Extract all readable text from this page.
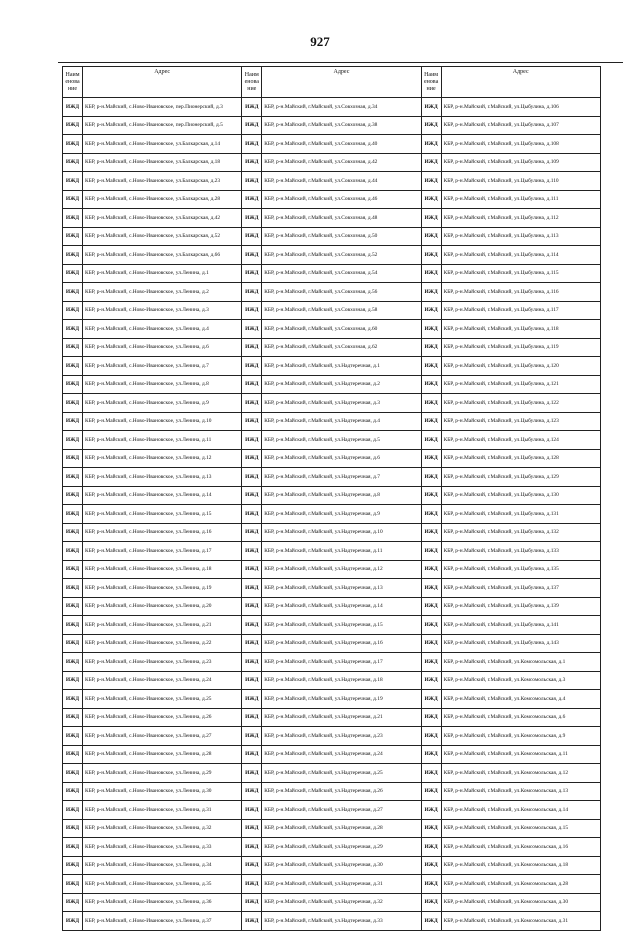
927
Наим енова ние	Адрес	Наим енова ние	Адрес	Наим енова ние	Адрес
ИЖД	КБР, р-н.Майский, с.Ново-Ивановское, пер.Пионерский, д.3	ИЖД	КБР, р-н.Майский, г.Майский, ул.Совхозная, д.34	ИЖД	КБР, р-н.Майский, г.Майский, ул.Цыбулина, д.106
ИЖД	КБР, р-н.Майский, с.Ново-Ивановское, пер.Пионерский, д.5	ИЖД	КБР, р-н.Майский, г.Майский, ул.Совхозная, д.38	ИЖД	КБР, р-н.Майский, г.Майский, ул.Цыбулина, д.107
ИЖД	КБР, р-н.Майский, с.Ново-Ивановское, ул.Балкарская, д.14	ИЖД	КБР, р-н.Майский, г.Майский, ул.Совхозная, д.40	ИЖД	КБР, р-н.Майский, г.Майский, ул.Цыбулина, д.108
ИЖД	КБР, р-н.Майский, с.Ново-Ивановское, ул.Балкарская, д.18	ИЖД	КБР, р-н.Майский, г.Майский, ул.Совхозная, д.42	ИЖД	КБР, р-н.Майский, г.Майский, ул.Цыбулина, д.109
ИЖД	КБР, р-н.Майский, с.Ново-Ивановское, ул.Балкарская, д.23	ИЖД	КБР, р-н.Майский, г.Майский, ул.Совхозная, д.44	ИЖД	КБР, р-н.Майский, г.Майский, ул.Цыбулина, д.110
ИЖД	КБР, р-н.Майский, с.Ново-Ивановское, ул.Балкарская, д.28	ИЖД	КБР, р-н.Майский, г.Майский, ул.Совхозная, д.46	ИЖД	КБР, р-н.Майский, г.Майский, ул.Цыбулина, д.111
ИЖД	КБР, р-н.Майский, с.Ново-Ивановское, ул.Балкарская, д.42	ИЖД	КБР, р-н.Майский, г.Майский, ул.Совхозная, д.48	ИЖД	КБР, р-н.Майский, г.Майский, ул.Цыбулина, д.112
ИЖД	КБР, р-н.Майский, с.Ново-Ивановское, ул.Балкарская, д.52	ИЖД	КБР, р-н.Майский, г.Майский, ул.Совхозная, д.50	ИЖД	КБР, р-н.Майский, г.Майский, ул.Цыбулина, д.113
ИЖД	КБР, р-н.Майский, с.Ново-Ивановское, ул.Балкарская, д.66	ИЖД	КБР, р-н.Майский, г.Майский, ул.Совхозная, д.52	ИЖД	КБР, р-н.Майский, г.Майский, ул.Цыбулина, д.114
ИЖД	КБР, р-н.Майский, с.Ново-Ивановское, ул.Ленина, д.1	ИЖД	КБР, р-н.Майский, г.Майский, ул.Совхозная, д.54	ИЖД	КБР, р-н.Майский, г.Майский, ул.Цыбулина, д.115
ИЖД	КБР, р-н.Майский, с.Ново-Ивановское, ул.Ленина, д.2	ИЖД	КБР, р-н.Майский, г.Майский, ул.Совхозная, д.56	ИЖД	КБР, р-н.Майский, г.Майский, ул.Цыбулина, д.116
ИЖД	КБР, р-н.Майский, с.Ново-Ивановское, ул.Ленина, д.3	ИЖД	КБР, р-н.Майский, г.Майский, ул.Совхозная, д.58	ИЖД	КБР, р-н.Майский, г.Майский, ул.Цыбулина, д.117
ИЖД	КБР, р-н.Майский, с.Ново-Ивановское, ул.Ленина, д.4	ИЖД	КБР, р-н.Майский, г.Майский, ул.Совхозная, д.60	ИЖД	КБР, р-н.Майский, г.Майский, ул.Цыбулина, д.118
ИЖД	КБР, р-н.Майский, с.Ново-Ивановское, ул.Ленина, д.6	ИЖД	КБР, р-н.Майский, г.Майский, ул.Совхозная, д.62	ИЖД	КБР, р-н.Майский, г.Майский, ул.Цыбулина, д.119
ИЖД	КБР, р-н.Майский, с.Ново-Ивановское, ул.Ленина, д.7	ИЖД	КБР, р-н.Майский, г.Майский, ул.Надтеречная, д.1	ИЖД	КБР, р-н.Майский, г.Майский, ул.Цыбулина, д.120
ИЖД	КБР, р-н.Майский, с.Ново-Ивановское, ул.Ленина, д.8	ИЖД	КБР, р-н.Майский, г.Майский, ул.Надтеречная, д.2	ИЖД	КБР, р-н.Майский, г.Майский, ул.Цыбулина, д.121
ИЖД	КБР, р-н.Майский, с.Ново-Ивановское, ул.Ленина, д.9	ИЖД	КБР, р-н.Майский, г.Майский, ул.Надтеречная, д.3	ИЖД	КБР, р-н.Майский, г.Майский, ул.Цыбулина, д.122
ИЖД	КБР, р-н.Майский, с.Ново-Ивановское, ул.Ленина, д.10	ИЖД	КБР, р-н.Майский, г.Майский, ул.Надтеречная, д.4	ИЖД	КБР, р-н.Майский, г.Майский, ул.Цыбулина, д.123
ИЖД	КБР, р-н.Майский, с.Ново-Ивановское, ул.Ленина, д.11	ИЖД	КБР, р-н.Майский, г.Майский, ул.Надтеречная, д.5	ИЖД	КБР, р-н.Майский, г.Майский, ул.Цыбулина, д.124
ИЖД	КБР, р-н.Майский, с.Ново-Ивановское, ул.Ленина, д.12	ИЖД	КБР, р-н.Майский, г.Майский, ул.Надтеречная, д.6	ИЖД	КБР, р-н.Майский, г.Майский, ул.Цыбулина, д.128
ИЖД	КБР, р-н.Майский, с.Ново-Ивановское, ул.Ленина, д.13	ИЖД	КБР, р-н.Майский, г.Майский, ул.Надтеречная, д.7	ИЖД	КБР, р-н.Майский, г.Майский, ул.Цыбулина, д.129
ИЖД	КБР, р-н.Майский, с.Ново-Ивановское, ул.Ленина, д.14	ИЖД	КБР, р-н.Майский, г.Майский, ул.Надтеречная, д.8	ИЖД	КБР, р-н.Майский, г.Майский, ул.Цыбулина, д.130
ИЖД	КБР, р-н.Майский, с.Ново-Ивановское, ул.Ленина, д.15	ИЖД	КБР, р-н.Майский, г.Майский, ул.Надтеречная, д.9	ИЖД	КБР, р-н.Майский, г.Майский, ул.Цыбулина, д.131
ИЖД	КБР, р-н.Майский, с.Ново-Ивановское, ул.Ленина, д.16	ИЖД	КБР, р-н.Майский, г.Майский, ул.Надтеречная, д.10	ИЖД	КБР, р-н.Майский, г.Майский, ул.Цыбулина, д.132
ИЖД	КБР, р-н.Майский, с.Ново-Ивановское, ул.Ленина, д.17	ИЖД	КБР, р-н.Майский, г.Майский, ул.Надтеречная, д.11	ИЖД	КБР, р-н.Майский, г.Майский, ул.Цыбулина, д.133
ИЖД	КБР, р-н.Майский, с.Ново-Ивановское, ул.Ленина, д.18	ИЖД	КБР, р-н.Майский, г.Майский, ул.Надтеречная, д.12	ИЖД	КБР, р-н.Майский, г.Майский, ул.Цыбулина, д.135
ИЖД	КБР, р-н.Майский, с.Ново-Ивановское, ул.Ленина, д.19	ИЖД	КБР, р-н.Майский, г.Майский, ул.Надтеречная, д.13	ИЖД	КБР, р-н.Майский, г.Майский, ул.Цыбулина, д.137
ИЖД	КБР, р-н.Майский, с.Ново-Ивановское, ул.Ленина, д.20	ИЖД	КБР, р-н.Майский, г.Майский, ул.Надтеречная, д.14	ИЖД	КБР, р-н.Майский, г.Майский, ул.Цыбулина, д.139
ИЖД	КБР, р-н.Майский, с.Ново-Ивановское, ул.Ленина, д.21	ИЖД	КБР, р-н.Майский, г.Майский, ул.Надтеречная, д.15	ИЖД	КБР, р-н.Майский, г.Майский, ул.Цыбулина, д.141
ИЖД	КБР, р-н.Майский, с.Ново-Ивановское, ул.Ленина, д.22	ИЖД	КБР, р-н.Майский, г.Майский, ул.Надтеречная, д.16	ИЖД	КБР, р-н.Майский, г.Майский, ул.Цыбулина, д.143
ИЖД	КБР, р-н.Майский, с.Ново-Ивановское, ул.Ленина, д.23	ИЖД	КБР, р-н.Майский, г.Майский, ул.Надтеречная, д.17	ИЖД	КБР, р-н.Майский, г.Майский, ул.Комсомольская, д.1
ИЖД	КБР, р-н.Майский, с.Ново-Ивановское, ул.Ленина, д.24	ИЖД	КБР, р-н.Майский, г.Майский, ул.Надтеречная, д.18	ИЖД	КБР, р-н.Майский, г.Майский, ул.Комсомольская, д.3
ИЖД	КБР, р-н.Майский, с.Ново-Ивановское, ул.Ленина, д.25	ИЖД	КБР, р-н.Майский, г.Майский, ул.Надтеречная, д.19	ИЖД	КБР, р-н.Майский, г.Майский, ул.Комсомольская, д.4
ИЖД	КБР, р-н.Майский, с.Ново-Ивановское, ул.Ленина, д.26	ИЖД	КБР, р-н.Майский, г.Майский, ул.Надтеречная, д.21	ИЖД	КБР, р-н.Майский, г.Майский, ул.Комсомольская, д.6
ИЖД	КБР, р-н.Майский, с.Ново-Ивановское, ул.Ленина, д.27	ИЖД	КБР, р-н.Майский, г.Майский, ул.Надтеречная, д.23	ИЖД	КБР, р-н.Майский, г.Майский, ул.Комсомольская, д.9
ИЖД	КБР, р-н.Майский, с.Ново-Ивановское, ул.Ленина, д.28	ИЖД	КБР, р-н.Майский, г.Майский, ул.Надтеречная, д.24	ИЖД	КБР, р-н.Майский, г.Майский, ул.Комсомольская, д.11
ИЖД	КБР, р-н.Майский, с.Ново-Ивановское, ул.Ленина, д.29	ИЖД	КБР, р-н.Майский, г.Майский, ул.Надтеречная, д.25	ИЖД	КБР, р-н.Майский, г.Майский, ул.Комсомольская, д.12
ИЖД	КБР, р-н.Майский, с.Ново-Ивановское, ул.Ленина, д.30	ИЖД	КБР, р-н.Майский, г.Майский, ул.Надтеречная, д.26	ИЖД	КБР, р-н.Майский, г.Майский, ул.Комсомольская, д.13
ИЖД	КБР, р-н.Майский, с.Ново-Ивановское, ул.Ленина, д.31	ИЖД	КБР, р-н.Майский, г.Майский, ул.Надтеречная, д.27	ИЖД	КБР, р-н.Майский, г.Майский, ул.Комсомольская, д.14
ИЖД	КБР, р-н.Майский, с.Ново-Ивановское, ул.Ленина, д.32	ИЖД	КБР, р-н.Майский, г.Майский, ул.Надтеречная, д.28	ИЖД	КБР, р-н.Майский, г.Майский, ул.Комсомольская, д.15
ИЖД	КБР, р-н.Майский, с.Ново-Ивановское, ул.Ленина, д.33	ИЖД	КБР, р-н.Майский, г.Майский, ул.Надтеречная, д.29	ИЖД	КБР, р-н.Майский, г.Майский, ул.Комсомольская, д.16
ИЖД	КБР, р-н.Майский, с.Ново-Ивановское, ул.Ленина, д.34	ИЖД	КБР, р-н.Майский, г.Майский, ул.Надтеречная, д.30	ИЖД	КБР, р-н.Майский, г.Майский, ул.Комсомольская, д.18
ИЖД	КБР, р-н.Майский, с.Ново-Ивановское, ул.Ленина, д.35	ИЖД	КБР, р-н.Майский, г.Майский, ул.Надтеречная, д.31	ИЖД	КБР, р-н.Майский, г.Майский, ул.Комсомольская, д.28
ИЖД	КБР, р-н.Майский, с.Ново-Ивановское, ул.Ленина, д.36	ИЖД	КБР, р-н.Майский, г.Майский, ул.Надтеречная, д.32	ИЖД	КБР, р-н.Майский, г.Майский, ул.Комсомольская, д.30
ИЖД	КБР, р-н.Майский, с.Ново-Ивановское, ул.Ленина, д.37	ИЖД	КБР, р-н.Майский, г.Майский, ул.Надтеречная, д.33	ИЖД	КБР, р-н.Майский, г.Майский, ул.Комсомольская, д.31
